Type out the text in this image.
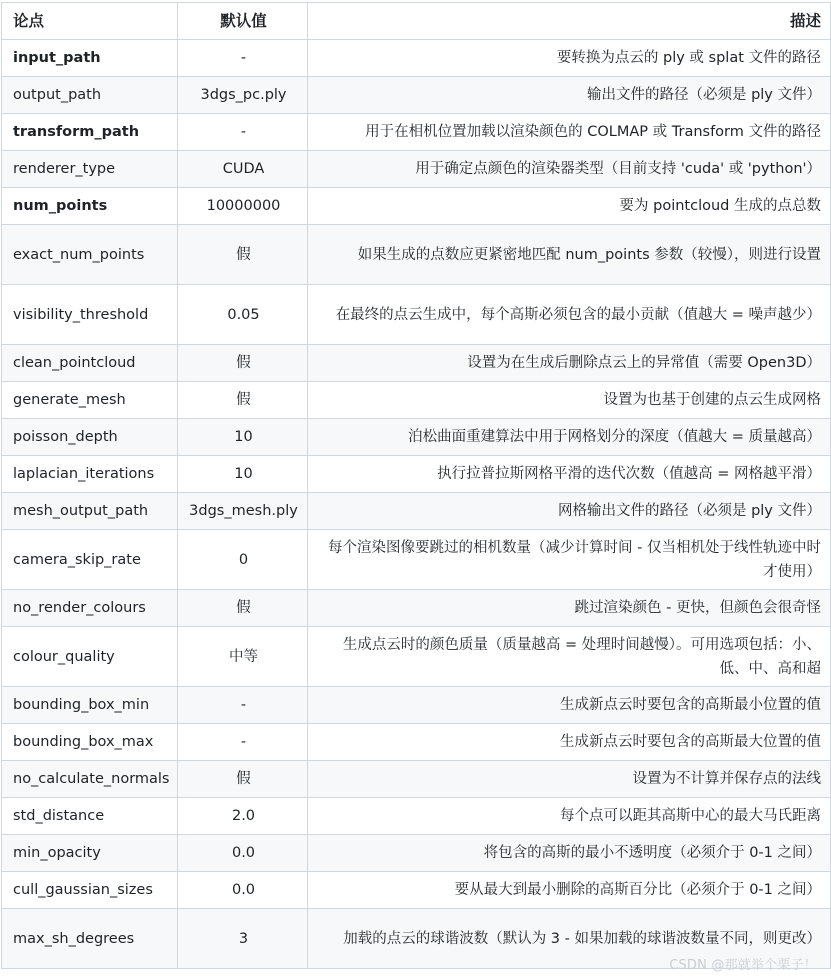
论点	默认值	描述
input_path	-	要转换为点云的 ply 或 splat 文件的路径
output_path	3dgs_pc.ply	输出文件的路径（必须是 ply 文件）
transform_path	-	用于在相机位置加载以渲染颜色的 COLMAP 或 Transform 文件的路径
renderer_type	CUDA	用于确定点颜色的渲染器类型（目前支持 'cuda' 或 'python'）
num_points	10000000	要为 pointcloud 生成的点总数
exact_num_points	假	如果生成的点数应更紧密地匹配 num_points 参数（较慢），则进行设置
visibility_threshold	0.05	在最终的点云生成中，每个高斯必须包含的最小贡献（值越大 = 噪声越少）
clean_pointcloud	假	设置为在生成后删除点云上的异常值（需要 Open3D）
generate_mesh	假	设置为也基于创建的点云生成网格
poisson_depth	10	泊松曲面重建算法中用于网格划分的深度（值越大 = 质量越高）
laplacian_iterations	10	执行拉普拉斯网格平滑的迭代次数（值越高 = 网格越平滑）
mesh_output_path	3dgs_mesh.ply	网格输出文件的路径（必须是 ply 文件）
camera_skip_rate	0	每个渲染图像要跳过的相机数量（减少计算时间 - 仅当相机处于线性轨迹中时才使用）
no_render_colours	假	跳过渲染颜色 - 更快，但颜色会很奇怪
colour_quality	中等	生成点云时的颜色质量（质量越高 = 处理时间越慢）。可用选项包括：小、低、中、高和超
bounding_box_min	-	生成新点云时要包含的高斯最小位置的值
bounding_box_max	-	生成新点云时要包含的高斯最大位置的值
no_calculate_normals	假	设置为不计算并保存点的法线
std_distance	2.0	每个点可以距其高斯中心的最大马氏距离
min_opacity	0.0	将包含的高斯的最小不透明度（必须介于 0-1 之间）
cull_gaussian_sizes	0.0	要从最大到最小删除的高斯百分比（必须介于 0-1 之间）
max_sh_degrees	3	加载的点云的球谐波数（默认为 3 - 如果加载的球谐波数量不同，则更改）
CSDN @那就举个栗子！
